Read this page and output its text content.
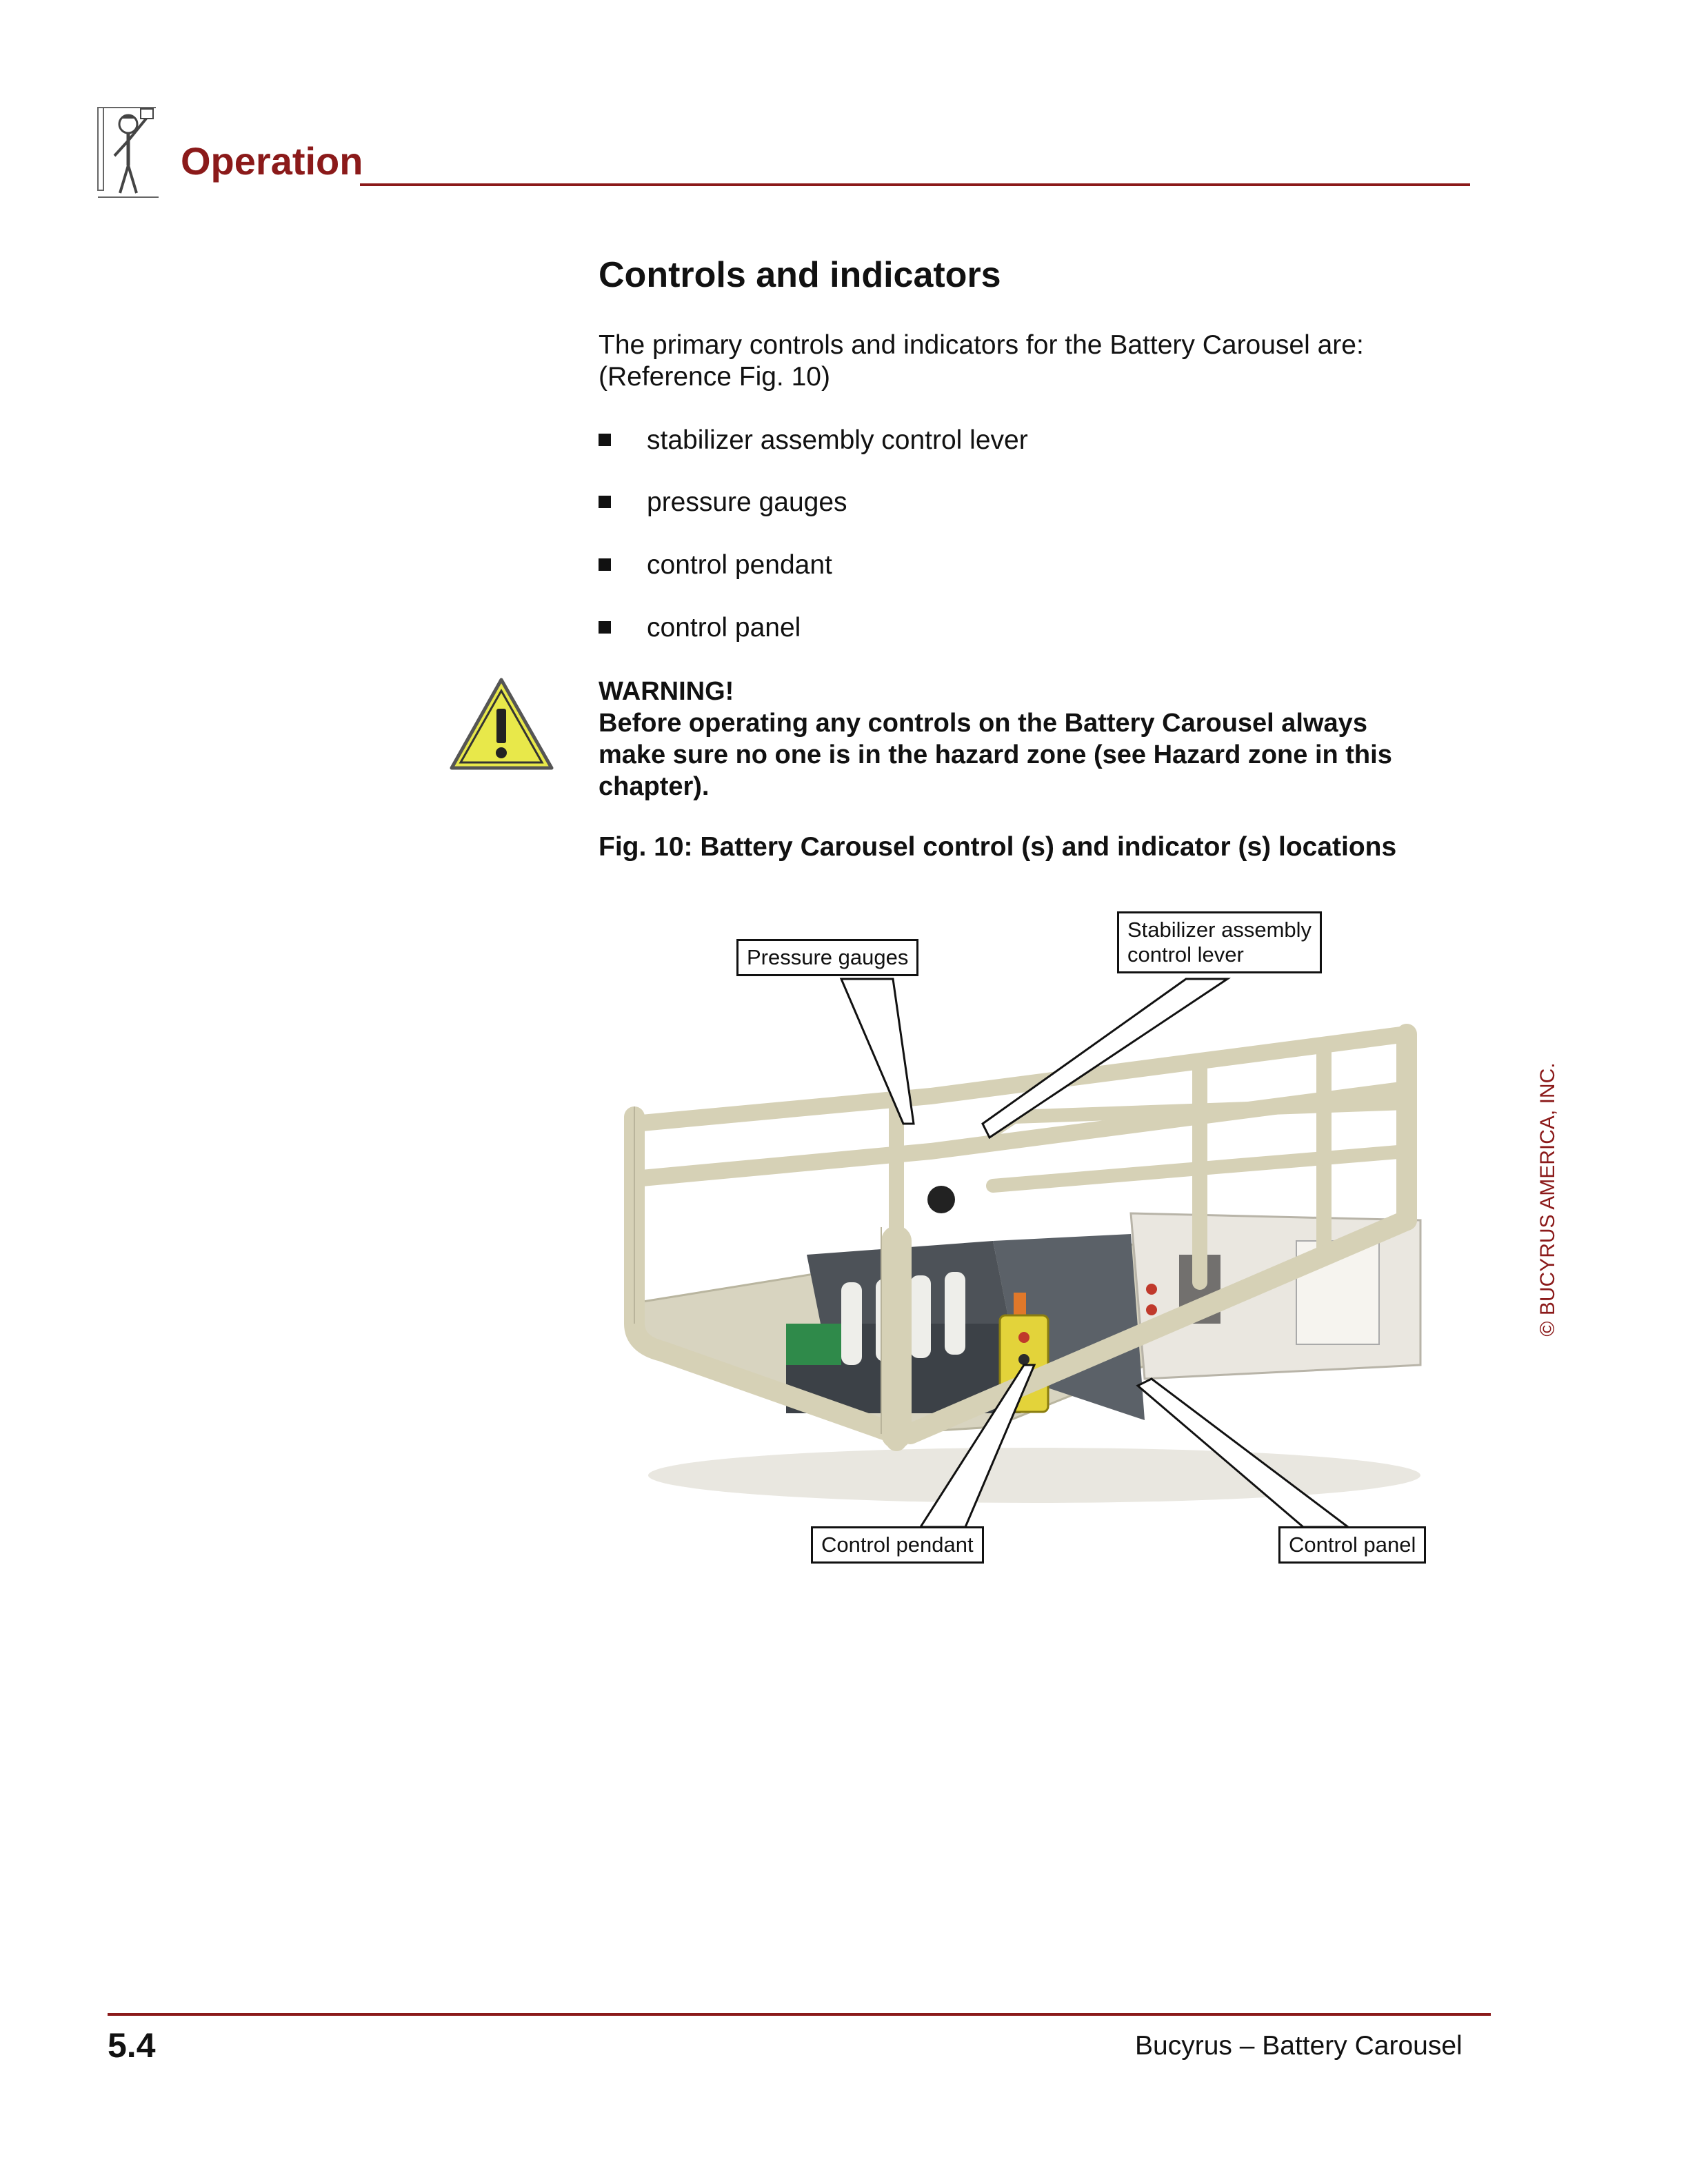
Operation
Controls and indicators
The primary controls and indicators for the Battery Carousel are:
(Reference Fig. 10)
stabilizer assembly control lever
pressure gauges
control pendant
control panel
WARNING!
Before operating any controls on the Battery Carousel always
make sure no one is in the hazard zone (see Hazard zone in this
chapter).
Fig. 10: Battery Carousel control (s) and indicator (s) locations
Pressure gauges
Stabilizer assembly
control lever
Control pendant	Control panel
© BUCYRUS AMERICA, INC.
5.4	Bucyrus – Battery Carousel
